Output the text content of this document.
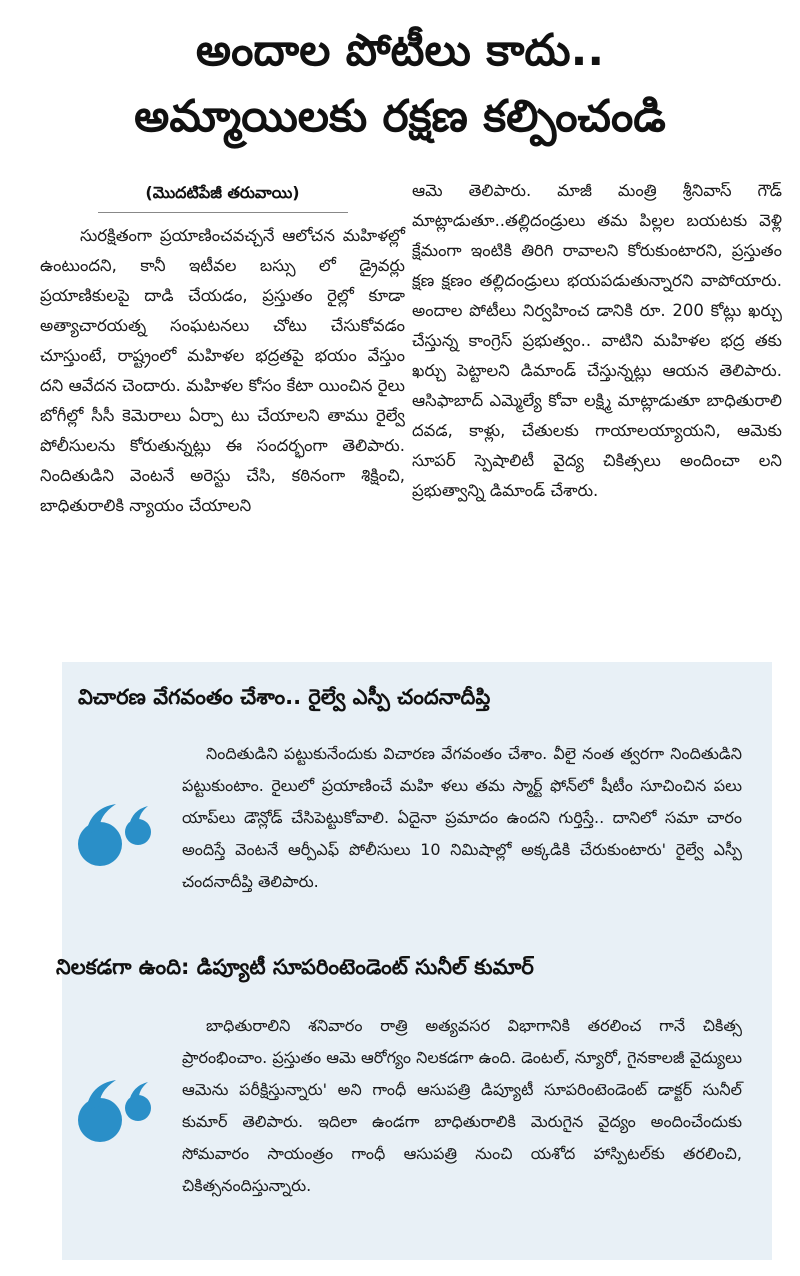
అందాల పోటీలు కాదు..
అమ్మాయిలకు రక్షణ కల్పించండి
(మొదటిపేజీ తరువాయి)

సురక్షితంగా ప్రయాణించవచ్చనే ఆలోచన మహిళల్లో ఉంటుందని, కానీ ఇటీవల బస్సు లో డ్రైవర్లు ప్రయాణికులపై దాడి చేయడం, ప్రస్తుతం రైల్లో కూడా అత్యాచారయత్న సంఘటనలు చోటు చేసుకోవడం చూస్తుంటే, రాష్ట్రంలో మహిళల భద్రతపై భయం వేస్తుం దని ఆవేదన చెందారు. మహిళల కోసం కేటా యించిన రైలు బోగీల్లో సీసీ కెమెరాలు ఏర్పా టు చేయాలని తాము రైల్వే పోలీసులను కోరుతున్నట్లు ఈ సందర్భంగా తెలిపారు. నిందితుడిని వెంటనే అరెస్టు చేసి, కఠినంగా శిక్షించి, బాధితురాలికి న్యాయం చేయాలని

ఆమె తెలిపారు. మాజీ మంత్రి శ్రీనివాస్ గౌడ్ మాట్లాడుతూ..తల్లిదండ్రులు తమ పిల్లల బయటకు వెళ్లి క్షేమంగా ఇంటికి తిరిగి రావాలని కోరుకుంటారని, ప్రస్తుతం క్షణ క్షణం తల్లిదండ్రులు భయపడుతున్నారని వాపోయారు. అందాల పోటీలు నిర్వహించ డానికి రూ. 200 కోట్లు ఖర్చు చేస్తున్న కాంగ్రెస్ ప్రభుత్వం.. వాటిని మహిళల భద్ర తకు ఖర్చు పెట్టాలని డిమాండ్ చేస్తున్నట్లు ఆయన తెలిపారు. ఆసిఫాబాద్ ఎమ్మెల్యే కోవా లక్ష్మి మాట్లాడుతూ బాధితురాలి దవడ, కాళ్లు, చేతులకు గాయాలయ్యాయని, ఆమెకు సూపర్ స్పెషాలిటీ వైద్య చికిత్సలు అందించా లని ప్రభుత్వాన్ని డిమాండ్ చేశారు.

విచారణ వేగవంతం చేశాం.. రైల్వే ఎస్పీ చందనాదీప్తి

నిందితుడిని పట్టుకునేందుకు విచారణ వేగవంతం చేశాం. వీలై నంత త్వరగా నిందితుడిని పట్టుకుంటాం. రైలులో ప్రయాణించే మహి ళలు తమ స్మార్ట్ ఫోన్‌లో షీటీం సూచించిన పలు యాప్‌లు డౌన్లోడ్ చేసిపెట్టుకోవాలి. ఏదైనా ప్రమాదం ఉందని గుర్తిస్తే.. దానిలో సమా చారం అందిస్తే వెంటనే ఆర్పీఎఫ్ పోలీసులు 10 నిమిషాల్లో అక్కడికి చేరుకుంటారు' రైల్వే ఎస్పీ చందనాదీప్తి తెలిపారు.

నిలకడగా ఉంది: డిప్యూటీ సూపరింటెండెంట్ సునీల్ కుమార్

బాధితురాలిని శనివారం రాత్రి అత్యవసర విభాగానికి తరలించ గానే చికిత్స ప్రారంభించాం. ప్రస్తుతం ఆమె ఆరోగ్యం నిలకడగా ఉంది. డెంటల్, న్యూరో, గైనకాలజీ వైద్యులు ఆమెను పరీక్షిస్తున్నారు' అని గాంధీ ఆసుపత్రి డిప్యూటీ సూపరింటెండెంట్ డాక్టర్ సునీల్ కుమార్ తెలిపారు. ఇదిలా ఉండగా బాధితురాలికి మెరుగైన వైద్యం అందించేందుకు సోమవారం సాయంత్రం గాంధీ ఆసుపత్రి నుంచి యశోద హాస్పిటల్‌కు తరలించి, చికిత్సనందిస్తున్నారు.
